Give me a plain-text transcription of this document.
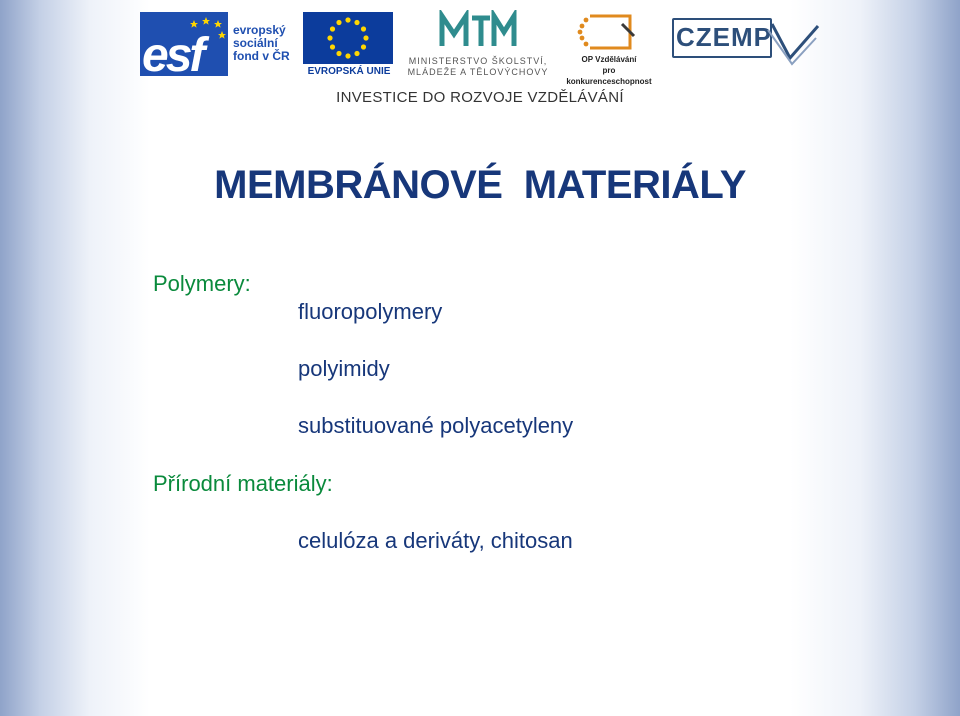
esf	evropský
sociální
fond v ČR
EVROPSKÁ UNIE
MINISTERSTVO ŠKOLSTVÍ,
MLÁDEŽE A TĚLOVÝCHOVY
OP Vzdělávání
pro konkurenceschopnost
CZEMP
INVESTICE DO ROZVOJE VZDĚLÁVÁNÍ
MEMBRÁNOVÉ  MATERIÁLY
Polymery:
fluoropolymery
polyimidy
substituované polyacetyleny
Přírodní materiály:
celulóza a deriváty, chitosan
